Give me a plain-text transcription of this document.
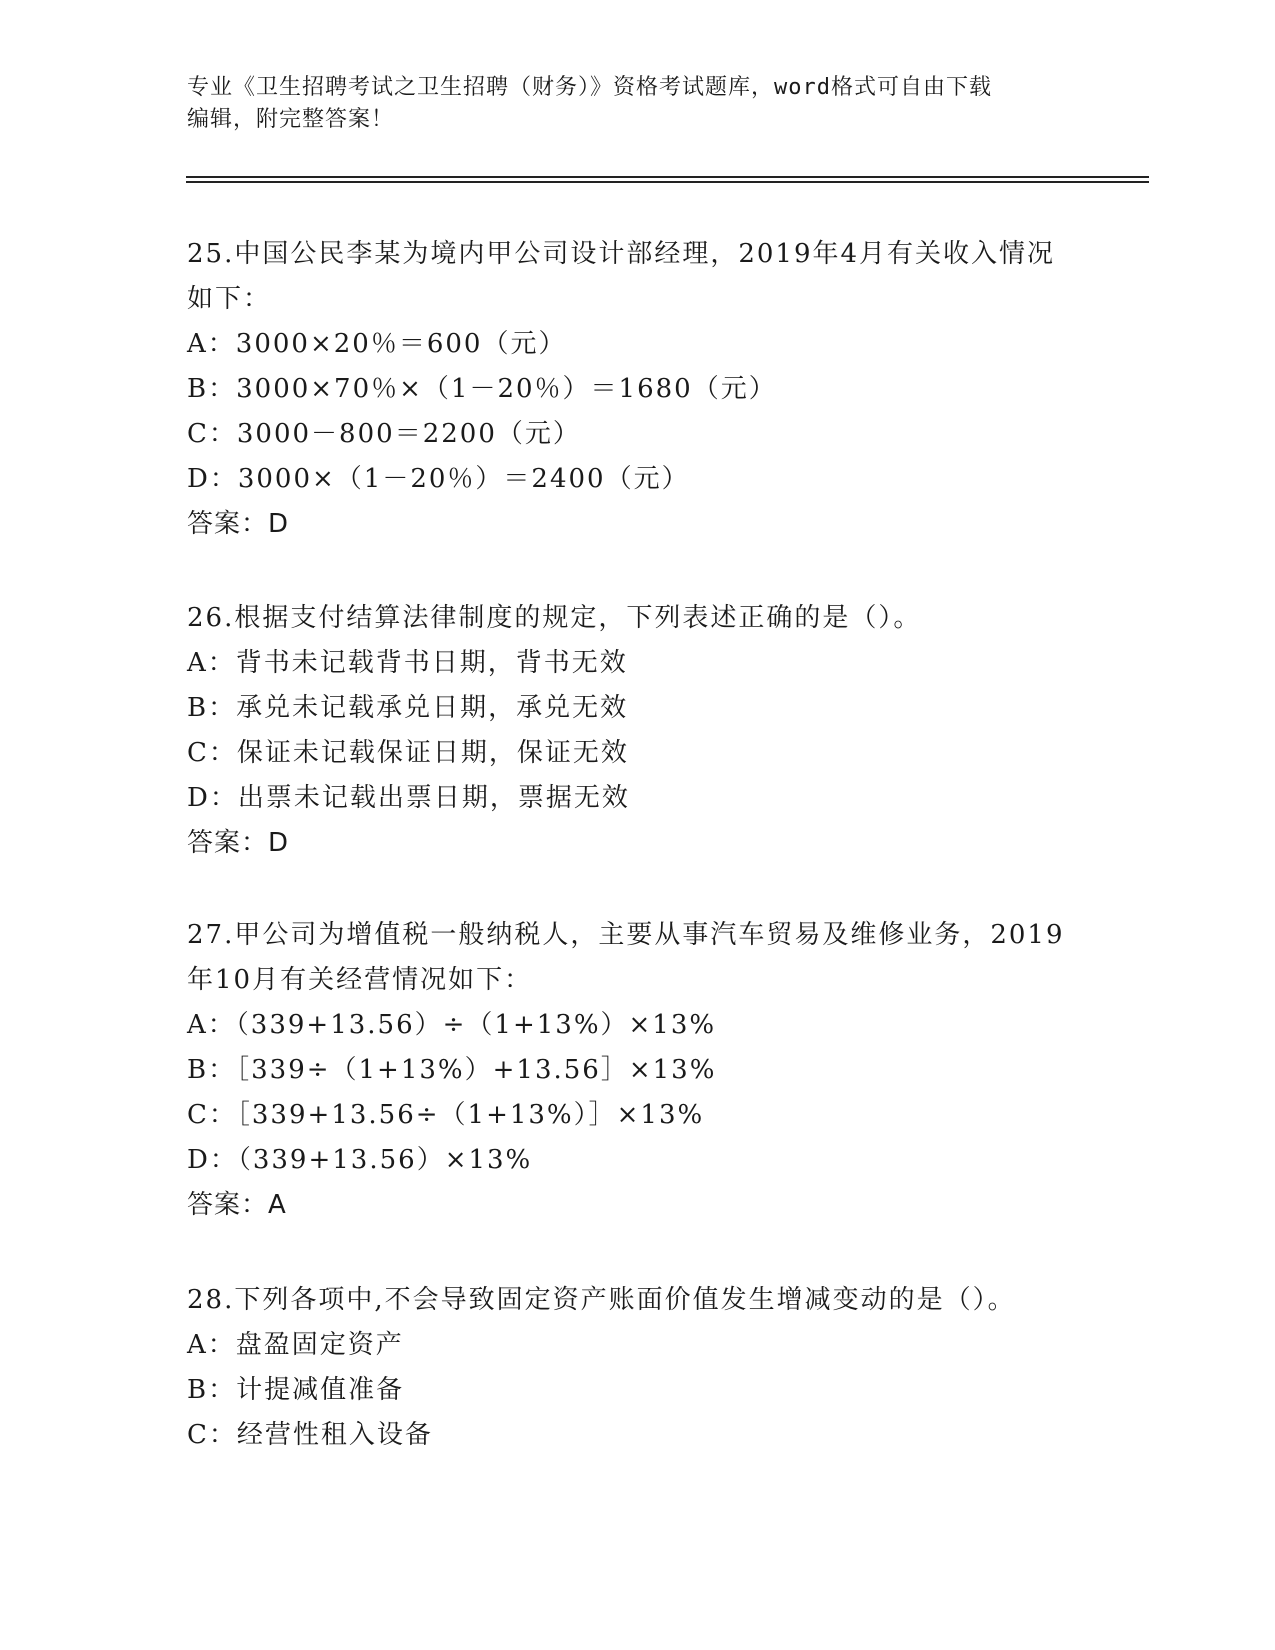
专业《卫生招聘考试之卫生招聘（财务）》资格考试题库，word格式可自由下载
编辑，附完整答案！
25.中国公民李某为境内甲公司设计部经理，2019年4月有关收入情况
如下：
A：3000×20％＝600（元）
B：3000×70％×（1－20％）＝1680（元）
C：3000－800＝2200（元）
D：3000×（1－20％）＝2400（元）
答案：D
26.根据支付结算法律制度的规定，下列表述正确的是（）。
A：背书未记载背书日期，背书无效
B：承兑未记载承兑日期，承兑无效
C：保证未记载保证日期，保证无效
D：出票未记载出票日期，票据无效
答案：D
27.甲公司为增值税一般纳税人，主要从事汽车贸易及维修业务，2019
年10月有关经营情况如下：
A：（339+13.56）÷（1+13%）×13%
B：［339÷（1+13%）+13.56］×13%
C：［339+13.56÷（1+13%）］×13%
D：（339+13.56）×13%
答案：A
28.下列各项中,不会导致固定资产账面价值发生增减变动的是（）。
A：盘盈固定资产
B：计提减值准备
C：经营性租入设备
